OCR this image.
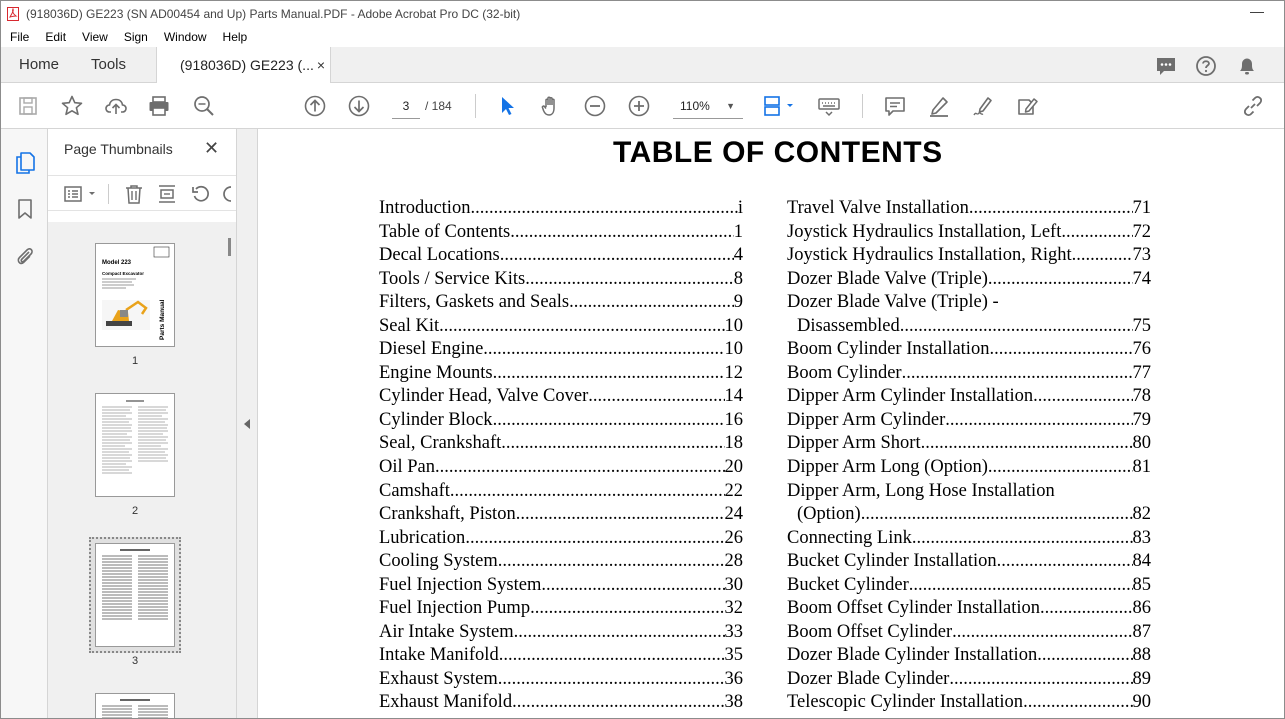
(918036D) GE223 (SN AD00454 and Up) Parts Manual.PDF - Adobe Acrobat Pro DC (32-bit)	—
File	Edit	View	Sign	Window	Help
Home Tools	(918036D) GE223 (... ×
3
/ 184	110% ▼
Page Thumbnails ✕
Model 223
Compact Excavator
Parts Manual
1
2
3
TABLE OF CONTENTS
Introduction .....	i
Table of Contents .....	1
Decal Locations .....	4
Tools / Service Kits .....	8
Filters, Gaskets and Seals .....	9
Seal Kit .....	10
Diesel Engine .....	10
Engine Mounts .....	12
Cylinder Head, Valve Cover .....	14
Cylinder Block .....	16
Seal, Crankshaft .....	18
Oil Pan .....	20
Camshaft .....	22
Crankshaft, Piston .....	24
Lubrication .....	26
Cooling System .....	28
Fuel Injection System .....	30
Fuel Injection Pump .....	32
Air Intake System .....	33
Intake Manifold .....	35
Exhaust System .....	36
Exhaust Manifold .....	38
Travel Valve Installation .....	71
Joystick Hydraulics Installation, Left .....	72
Joystick Hydraulics Installation, Right .....	73
Dozer Blade Valve (Triple) .....	74
Dozer Blade Valve (Triple) -
Disassembled .....	75
Boom Cylinder Installation .....	76
Boom Cylinder .....	77
Dipper Arm Cylinder Installation .....	78
Dipper Arm Cylinder .....	79
Dipper Arm Short .....	80
Dipper Arm Long (Option) .....	81
Dipper Arm, Long Hose Installation
(Option) .....	82
Connecting Link .....	83
Bucket Cylinder Installation .....	84
Bucket Cylinder .....	85
Boom Offset Cylinder Installation .....	86
Boom Offset Cylinder .....	87
Dozer Blade Cylinder Installation .....	88
Dozer Blade Cylinder .....	89
Telescopic Cylinder Installation .....	90
